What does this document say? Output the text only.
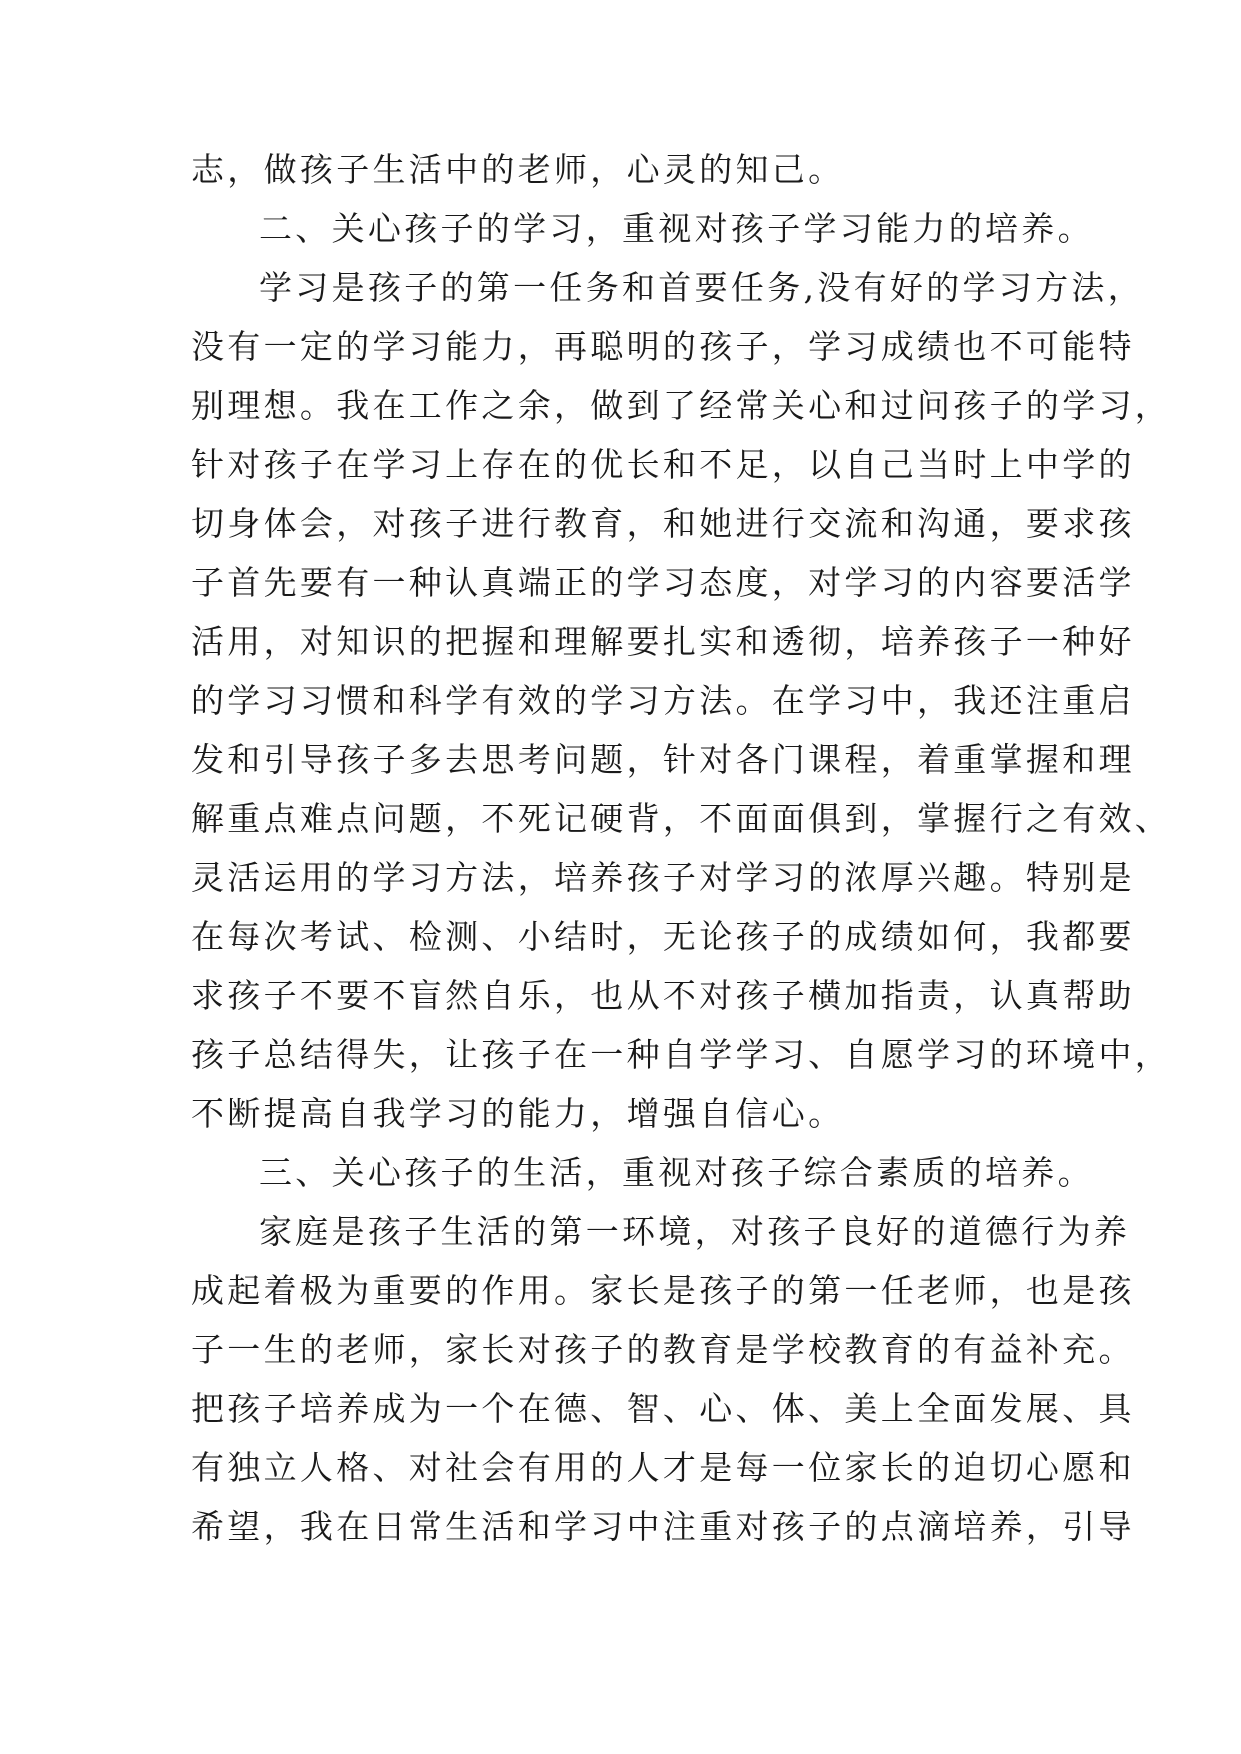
志，做孩子生活中的老师，心灵的知己。
二、关心孩子的学习，重视对孩子学习能力的培养。
学习是孩子的第一任务和首要任务,没有好的学习方法，
没有一定的学习能力，再聪明的孩子，学习成绩也不可能特
别理想。我在工作之余，做到了经常关心和过问孩子的学习，
针对孩子在学习上存在的优长和不足，以自己当时上中学的
切身体会，对孩子进行教育，和她进行交流和沟通，要求孩
子首先要有一种认真端正的学习态度，对学习的内容要活学
活用，对知识的把握和理解要扎实和透彻，培养孩子一种好
的学习习惯和科学有效的学习方法。在学习中，我还注重启
发和引导孩子多去思考问题，针对各门课程，着重掌握和理
解重点难点问题，不死记硬背，不面面俱到，掌握行之有效、
灵活运用的学习方法，培养孩子对学习的浓厚兴趣。特别是
在每次考试、检测、小结时，无论孩子的成绩如何，我都要
求孩子不要不盲然自乐，也从不对孩子横加指责，认真帮助
孩子总结得失，让孩子在一种自学学习、自愿学习的环境中，
不断提高自我学习的能力，增强自信心。
三、关心孩子的生活，重视对孩子综合素质的培养。
家庭是孩子生活的第一环境，对孩子良好的道德行为养
成起着极为重要的作用。家长是孩子的第一任老师，也是孩
子一生的老师，家长对孩子的教育是学校教育的有益补充。
把孩子培养成为一个在德、智、心、体、美上全面发展、具
有独立人格、对社会有用的人才是每一位家长的迫切心愿和
希望，我在日常生活和学习中注重对孩子的点滴培养，引导
